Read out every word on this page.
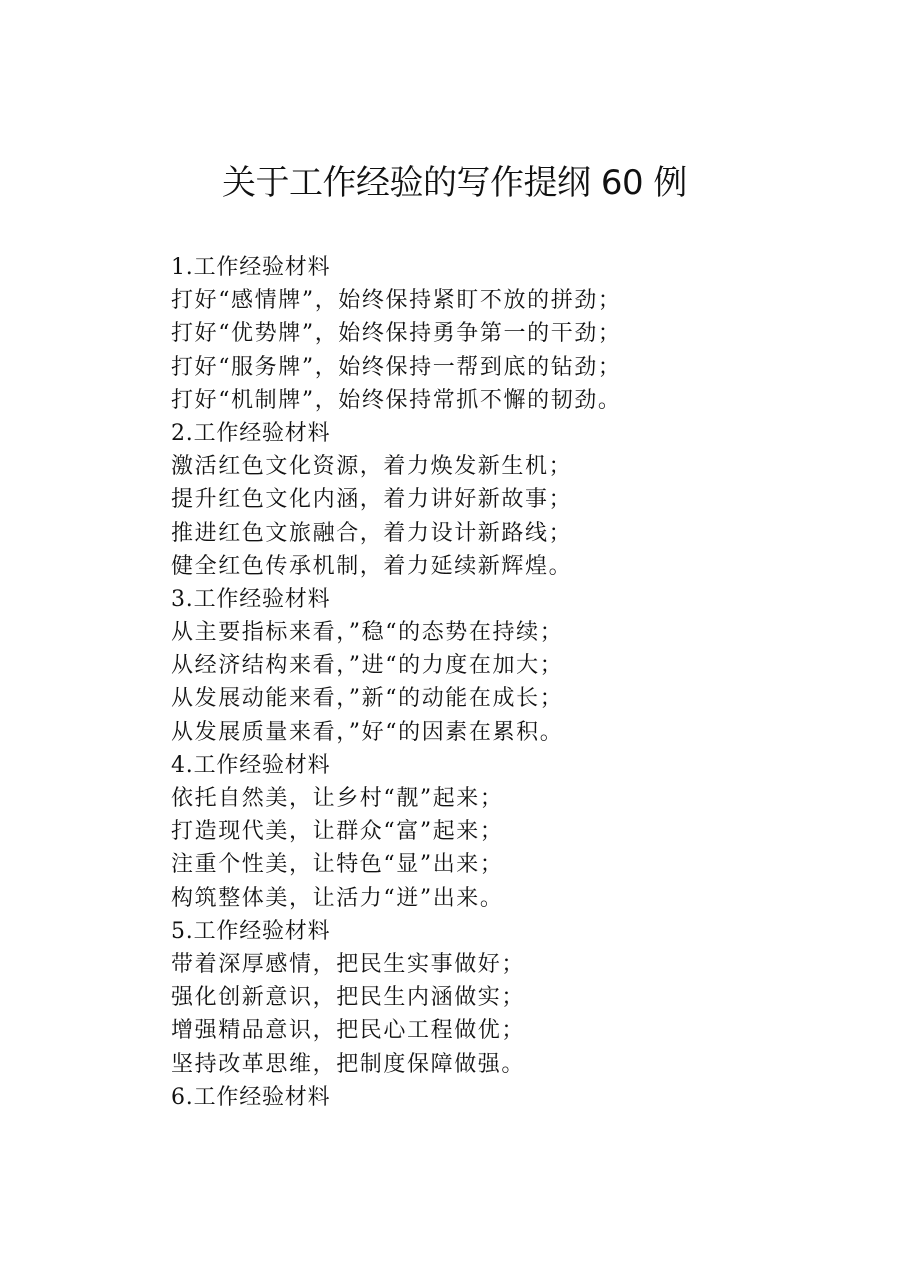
关于工作经验的写作提纲 60 例
1.工作经验材料
打好“感情牌”，始终保持紧盯不放的拼劲；
打好“优势牌”，始终保持勇争第一的干劲；
打好“服务牌”，始终保持一帮到底的钻劲；
打好“机制牌”，始终保持常抓不懈的韧劲。
2.工作经验材料
激活红色文化资源，着力焕发新生机；
提升红色文化内涵，着力讲好新故事；
推进红色文旅融合，着力设计新路线；
健全红色传承机制，着力延续新辉煌。
3.工作经验材料
从主要指标来看，”稳“的态势在持续；
从经济结构来看，”进“的力度在加大；
从发展动能来看，”新“的动能在成长；
从发展质量来看，”好“的因素在累积。
4.工作经验材料
依托自然美，让乡村“靓”起来；
打造现代美，让群众“富”起来；
注重个性美，让特色“显”出来；
构筑整体美，让活力“迸”出来。
5.工作经验材料
带着深厚感情，把民生实事做好；
强化创新意识，把民生内涵做实；
增强精品意识，把民心工程做优；
坚持改革思维，把制度保障做强。
6.工作经验材料
